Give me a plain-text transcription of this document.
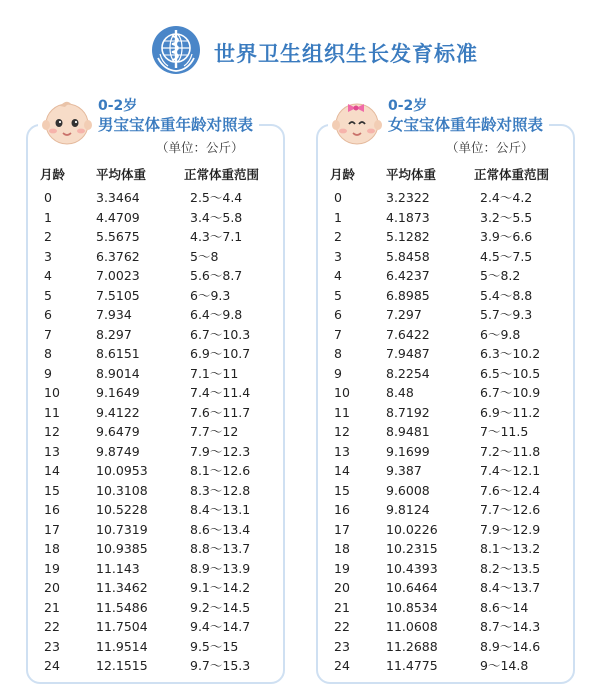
世界卫生组织生长发育标准
0-2岁
男宝宝体重年龄对照表
（单位：公斤）
月龄 平均体重	正常体重范围
0	3.3464	2.5～4.4
1	4.4709	3.4～5.8
2	5.5675	4.3～7.1
3	6.3762	5～8
4	7.0023	5.6～8.7
5	7.5105	6～9.3
6	7.934	6.4～9.8
7	8.297	6.7～10.3
8	8.6151	6.9～10.7
9	8.9014	7.1～11
10	9.1649	7.4～11.4
11	9.4122	7.6～11.7
12	9.6479	7.7～12
13	9.8749	7.9～12.3
14	10.0953	8.1～12.6
15	10.3108	8.3～12.8
16	10.5228	8.4～13.1
17	10.7319	8.6～13.4
18	10.9385	8.8～13.7
19	11.143	8.9～13.9
20	11.3462	9.1～14.2
21	11.5486	9.2～14.5
22	11.7504	9.4～14.7
23	11.9514	9.5～15
24	12.1515	9.7～15.3
0-2岁
女宝宝体重年龄对照表
（单位：公斤）
月龄 平均体重	正常体重范围
0	3.2322	2.4～4.2
1	4.1873	3.2～5.5
2	5.1282	3.9～6.6
3	5.8458	4.5～7.5
4	6.4237	5～8.2
5	6.8985	5.4～8.8
6	7.297	5.7～9.3
7	7.6422	6～9.8
8	7.9487	6.3～10.2
9	8.2254	6.5～10.5
10	8.48	6.7～10.9
11	8.7192	6.9～11.2
12	8.9481	7～11.5
13	9.1699	7.2～11.8
14	9.387	7.4～12.1
15	9.6008	7.6～12.4
16	9.8124	7.7～12.6
17	10.0226	7.9～12.9
18	10.2315	8.1～13.2
19	10.4393	8.2～13.5
20	10.6464	8.4～13.7
21	10.8534	8.6～14
22	11.0608	8.7～14.3
23	11.2688	8.9～14.6
24	11.4775	9～14.8
